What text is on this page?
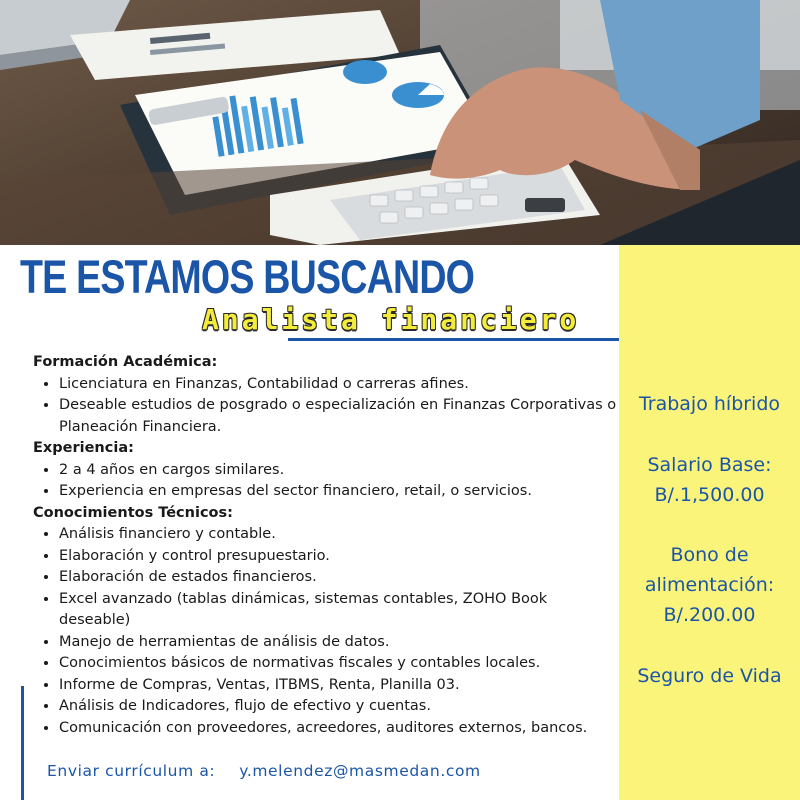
Trabajo híbrido
Salario Base:
B/.1,500.00
Bono de
alimentación:
B/.200.00
Seguro de Vida
TE ESTAMOS BUSCANDO
Analista financiero
Formación Académica:
• Licenciatura en Finanzas, Contabilidad o carreras afines.
• Deseable estudios de posgrado o especialización en Finanzas Corporativas o Planeación Financiera.
Experiencia:
• 2 a 4 años en cargos similares.
• Experiencia en empresas del sector financiero, retail, o servicios.
Conocimientos Técnicos:
• Análisis financiero y contable.
• Elaboración y control presupuestario.
• Elaboración de estados financieros.
• Excel avanzado (tablas dinámicas, sistemas contables, ZOHO Book deseable)
• Manejo de herramientas de análisis de datos.
• Conocimientos básicos de normativas fiscales y contables locales.
• Informe de Compras, Ventas, ITBMS, Renta, Planilla 03.
• Análisis de Indicadores, flujo de efectivo y cuentas.
• Comunicación con proveedores, acreedores, auditores externos, bancos.
Enviar currículum a: y.melendez@masmedan.com
